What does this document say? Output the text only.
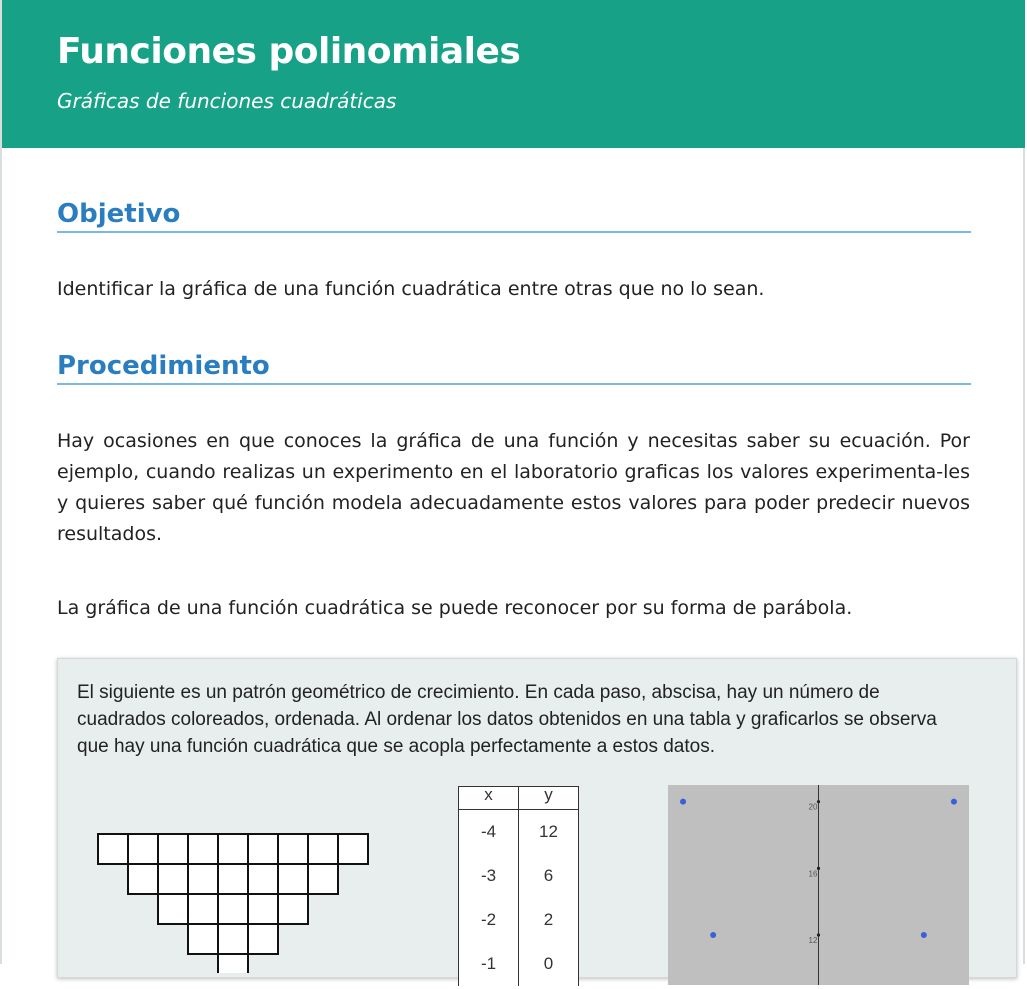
Funciones polinomiales

Gráficas de funciones cuadráticas

Objetivo

Identificar la gráfica de una función cuadrática entre otras que no lo sean.

Procedimiento

Hay ocasiones en que conoces la gráfica de una función y necesitas saber su ecuación. Por ejemplo, cuando realizas un experimento en el laboratorio graficas los valores experimenta-les y quieres saber qué función modela adecuadamente estos valores para poder predecir nuevos resultados.

La gráfica de una función cuadrática se puede reconocer por su forma de parábola.

El siguiente es un patrón geométrico de crecimiento. En cada paso, abscisa, hay un número de cuadrados coloreados, ordenada. Al ordenar los datos obtenidos en una tabla y graficarlos se observa que hay una función cuadrática que se acopla perfectamente a estos datos.

x	y
-4	12
-3	6
-2	2
-1	0
20
16
12
